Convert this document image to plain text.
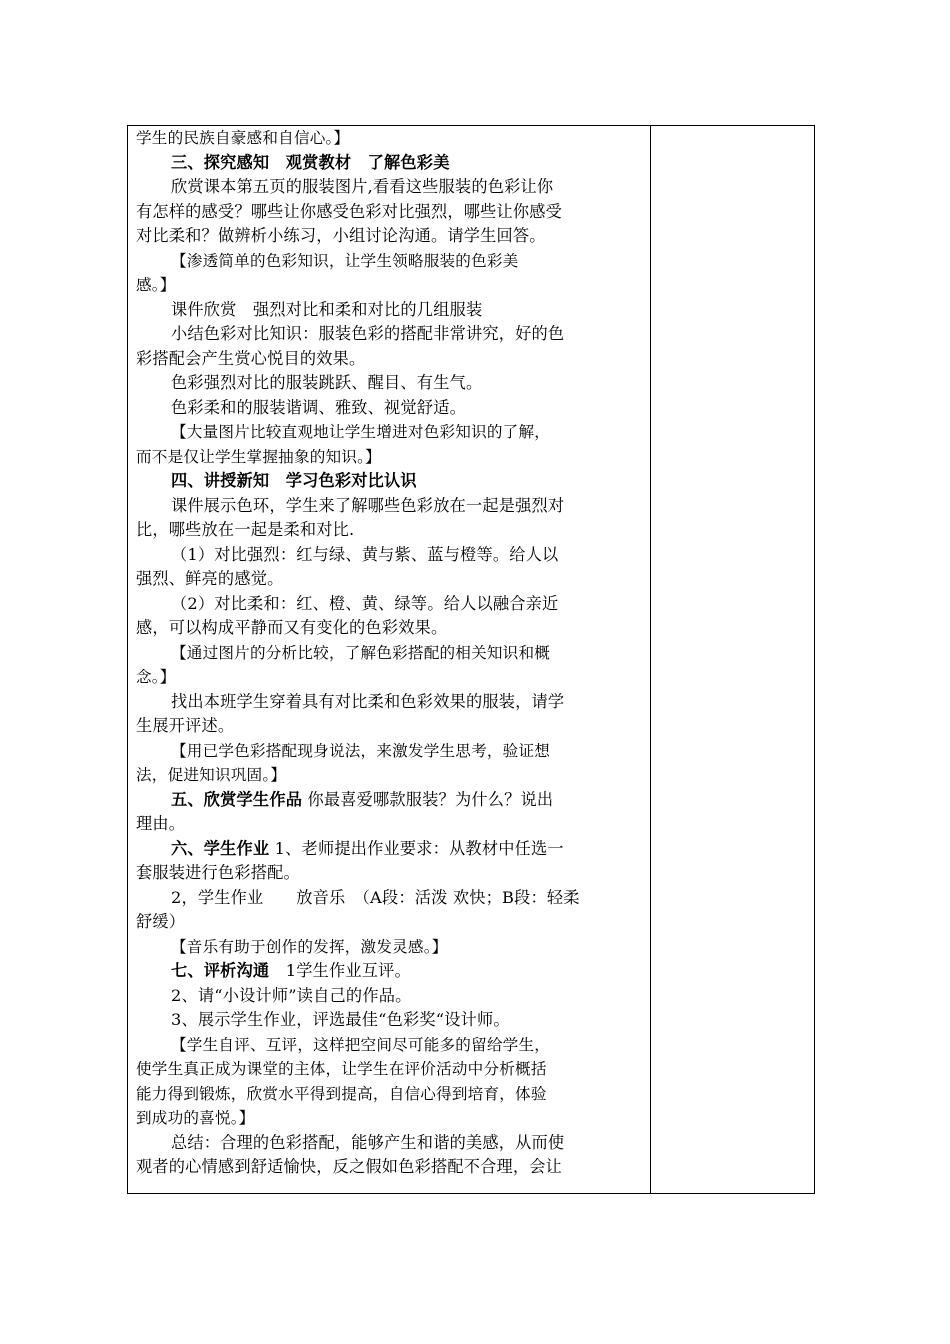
学生的民族自豪感和自信心。】
三、探究感知　观赏教材　了解色彩美
欣赏课本第五页的服装图片,看看这些服装的色彩让你
有怎样的感受？哪些让你感受色彩对比强烈，哪些让你感受
对比柔和？做辨析小练习，小组讨论沟通。请学生回答。
【渗透简单的色彩知识，让学生领略服装的色彩美
感。】
课件欣赏　强烈对比和柔和对比的几组服装
小结色彩对比知识：服装色彩的搭配非常讲究，好的色
彩搭配会产生赏心悦目的效果。
色彩强烈对比的服装跳跃、醒目、有生气。
色彩柔和的服装谐调、雅致、视觉舒适。
【大量图片比较直观地让学生增进对色彩知识的了解，
而不是仅让学生掌握抽象的知识。】
四、讲授新知　学习色彩对比认识
课件展示色环，学生来了解哪些色彩放在一起是强烈对
比，哪些放在一起是柔和对比.
（1）对比强烈：红与绿、黄与紫、蓝与橙等。给人以
强烈、鲜亮的感觉。
（2）对比柔和：红、橙、黄、绿等。给人以融合亲近
感，可以构成平静而又有变化的色彩效果。
【通过图片的分析比较，了解色彩搭配的相关知识和概
念。】
找出本班学生穿着具有对比柔和色彩效果的服装，请学
生展开评述。
【用已学色彩搭配现身说法，来激发学生思考，验证想
法，促进知识巩固。】
五、欣赏学生作品 你最喜爱哪款服装？为什么？说出
理由。
六、学生作业 1、老师提出作业要求：从教材中任选一
套服装进行色彩搭配。
2，学生作业　　放音乐　（A段：活泼 欢快；B段：轻柔
舒缓）
【音乐有助于创作的发挥，激发灵感。】
七、评析沟通　1学生作业互评。
2、请“小设计师”读自己的作品。
3、展示学生作业，评选最佳“色彩奖“设计师。
【学生自评、互评，这样把空间尽可能多的留给学生，
使学生真正成为课堂的主体，让学生在评价活动中分析概括
能力得到锻炼，欣赏水平得到提高，自信心得到培育，体验
到成功的喜悦。】
总结：合理的色彩搭配，能够产生和谐的美感，从而使
观者的心情感到舒适愉快，反之假如色彩搭配不合理，会让
